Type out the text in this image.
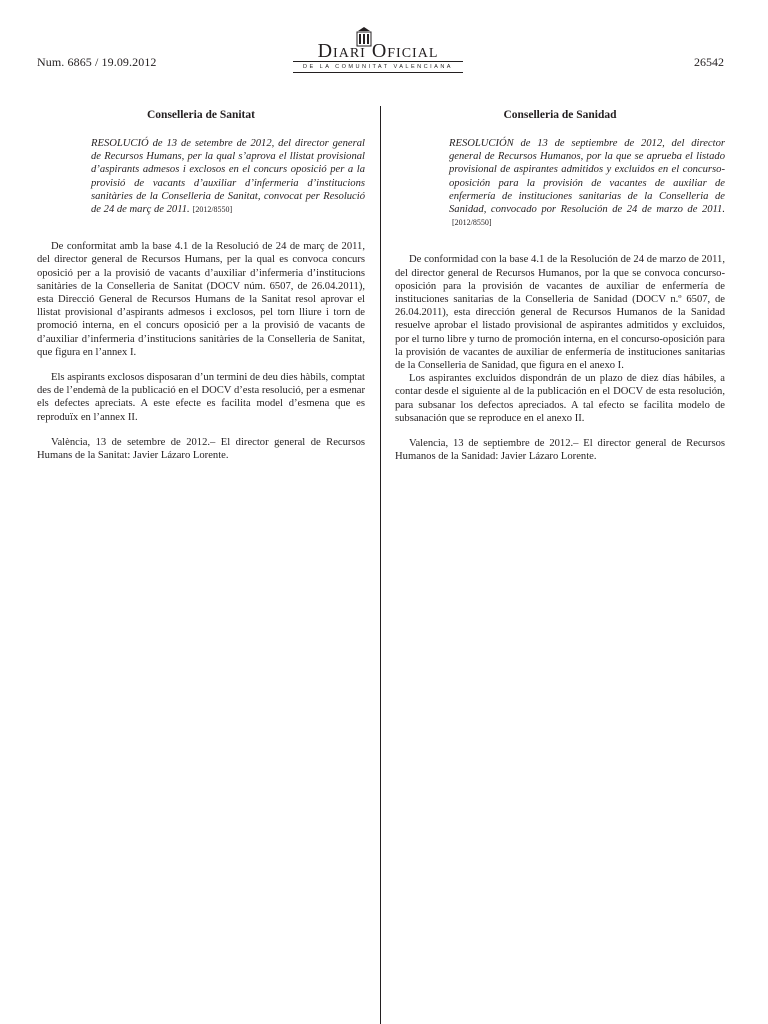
Num. 6865 / 19.09.2012	Diari Oficial
DE LA COMUNITAT VALENCIANA	26542
Conselleria de Sanitat
RESOLUCIÓ de 13 de setembre de 2012, del director general de Recursos Humans, per la qual s’aprova el llistat provisional d’aspirants admesos i exclosos en el concurs oposició per a la provisió de vacants d’auxiliar d’infermeria d’institucions sanitàries de la Conselleria de Sanitat, convocat per Resolució de 24 de març de 2011. [2012/8550]

De conformitat amb la base 4.1 de la Resolució de 24 de març de 2011, del director general de Recursos Humans, per la qual es convoca concurs oposició per a la provisió de vacants d’auxiliar d’infermeria d’institucions sanitàries de la Conselleria de Sanitat (DOCV núm. 6507, de 26.04.2011), esta Direcció General de Recursos Humans de la Sanitat resol aprovar el llistat provisional d’aspirants admesos i exclosos, pel torn lliure i torn de promoció interna, en el concurs oposició per a la provisió de vacants de d’auxiliar d’infermeria d’institucions sanitàries de la Conselleria de Sanitat, que figura en l’annex I.

Els aspirants exclosos disposaran d’un termini de deu dies hàbils, comptat des de l’endemà de la publicació en el DOCV d’esta resolució, per a esmenar els defectes apreciats. A este efecte es facilita model d’esmena que es reproduïx en l’annex II.

València, 13 de setembre de 2012.– El director general de Recursos Humans de la Sanitat: Javier Lázaro Lorente.

Conselleria de Sanidad
RESOLUCIÓN de 13 de septiembre de 2012, del director general de Recursos Humanos, por la que se aprueba el listado provisional de aspirantes admitidos y excluidos en el concurso-oposición para la provisión de vacantes de auxiliar de enfermería de instituciones sanitarias de la Conselleria de Sanidad, convocado por Resolución de 24 de marzo de 2011.[2012/8550]

De conformidad con la base 4.1 de la Resolución de 24 de marzo de 2011, del director general de Recursos Humanos, por la que se convoca concurso-oposición para la provisión de vacantes de auxiliar de enfermería de instituciones sanitarias de la Conselleria de Sanidad (DOCV n.º 6507, de 26.04.2011), esta dirección general de Recursos Humanos de la Sanidad resuelve aprobar el listado provisional de aspirantes admitidos y excluidos, por el turno libre y turno de promoción interna, en el concurso-oposición para la provisión de vacantes de auxiliar de enfermería de instituciones sanitarias de la Conselleria de Sanidad, que figura en el anexo I.

Los aspirantes excluidos dispondrán de un plazo de diez días hábiles, a contar desde el siguiente al de la publicación en el DOCV de esta resolución, para subsanar los defectos apreciados. A tal efecto se facilita modelo de subsanación que se reproduce en el anexo II.

Valencia, 13 de septiembre de 2012.– El director general de Recursos Humanos de la Sanidad: Javier Lázaro Lorente.
